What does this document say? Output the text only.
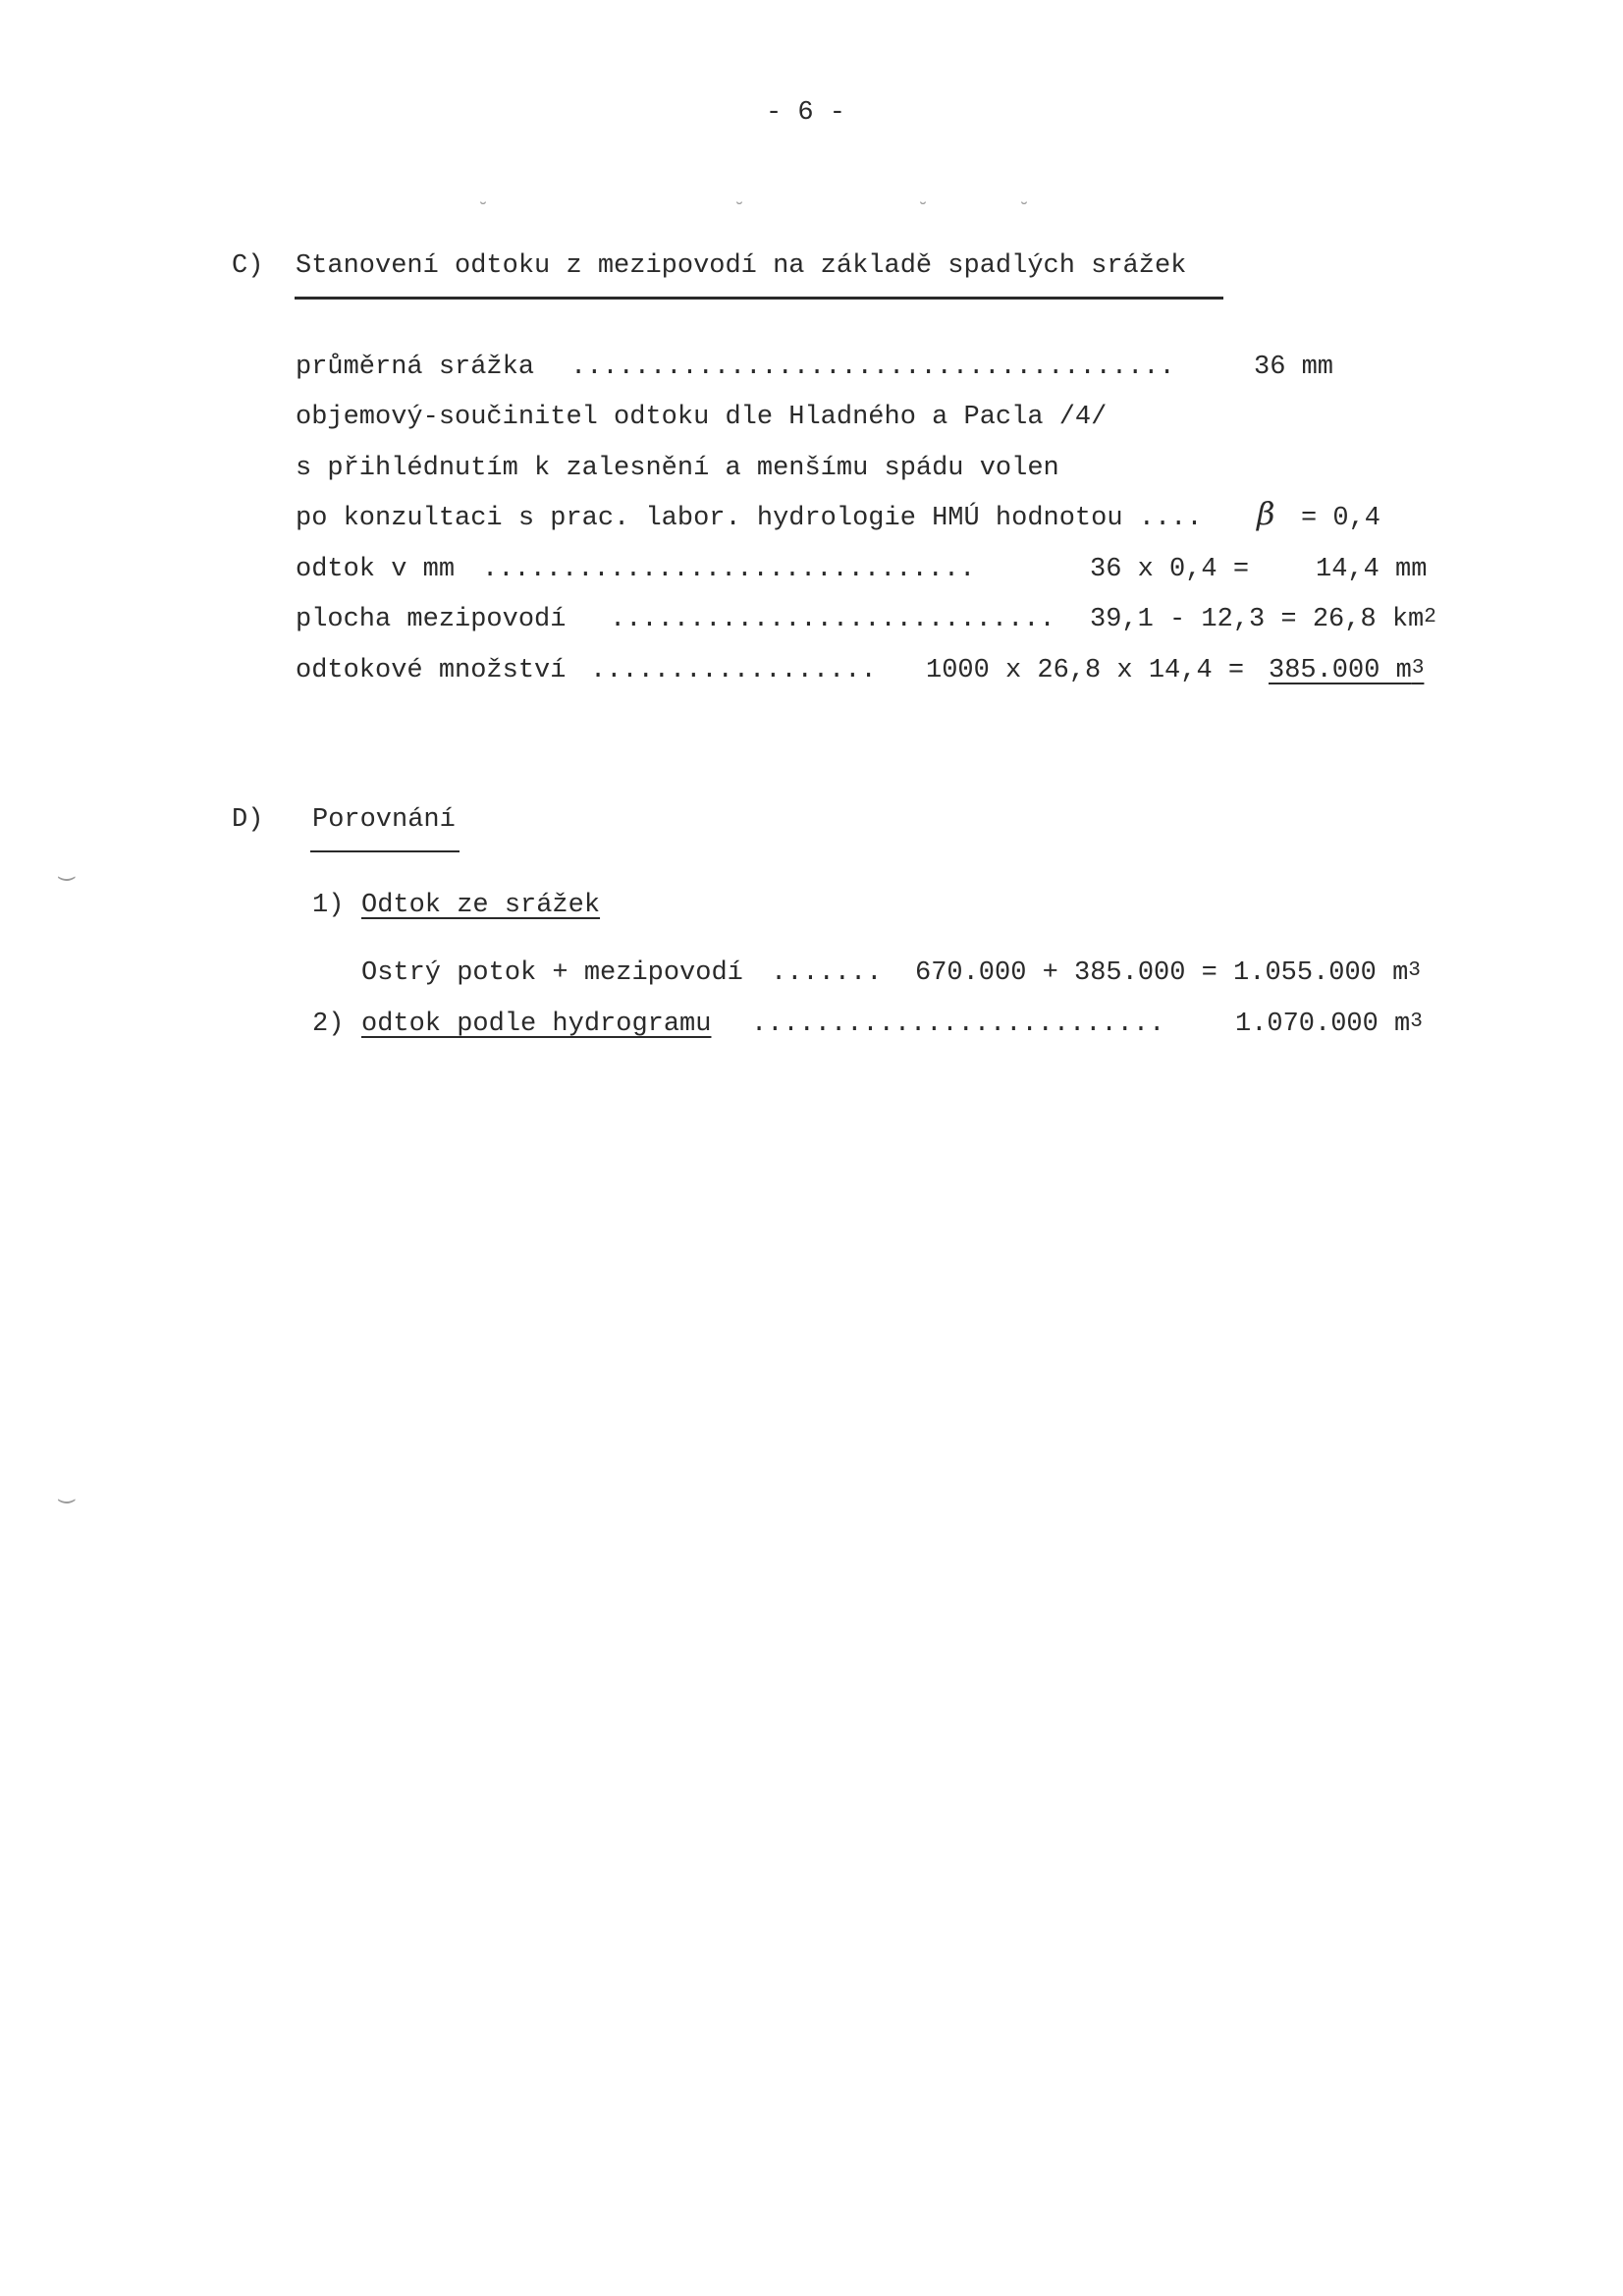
- 6 -
˘	˘	˘	˘
C) Stanovení odtoku z mezipovodí na základě spadlých srážek
průměrná srážka ......................................	36 mm
objemový-součinitel odtoku dle Hladného a Pacla /4/
s přihlédnutím k zalesnění a menšímu spádu volen
po konzultaci s prac. labor. hydrologie HMÚ hodnotou .... β = 0,4
odtok v mm ...............................	36 x 0,4 =	14,4 mm
plocha mezipovodí ............................ 39,1 - 12,3 = 26,8 $km^2$
odtokové množství .................. 1000 x 26,8 x 14,4 = 385.000 $m^3$
D) Porovnání
1) Odtok ze srážek
Ostrý potok + mezipovodí ....... 670.000 + 385.000 = 1.055.000 $m^3$
2) odtok podle hydrogramu ..........................	1.070.000 $m^3$
‿
‿
